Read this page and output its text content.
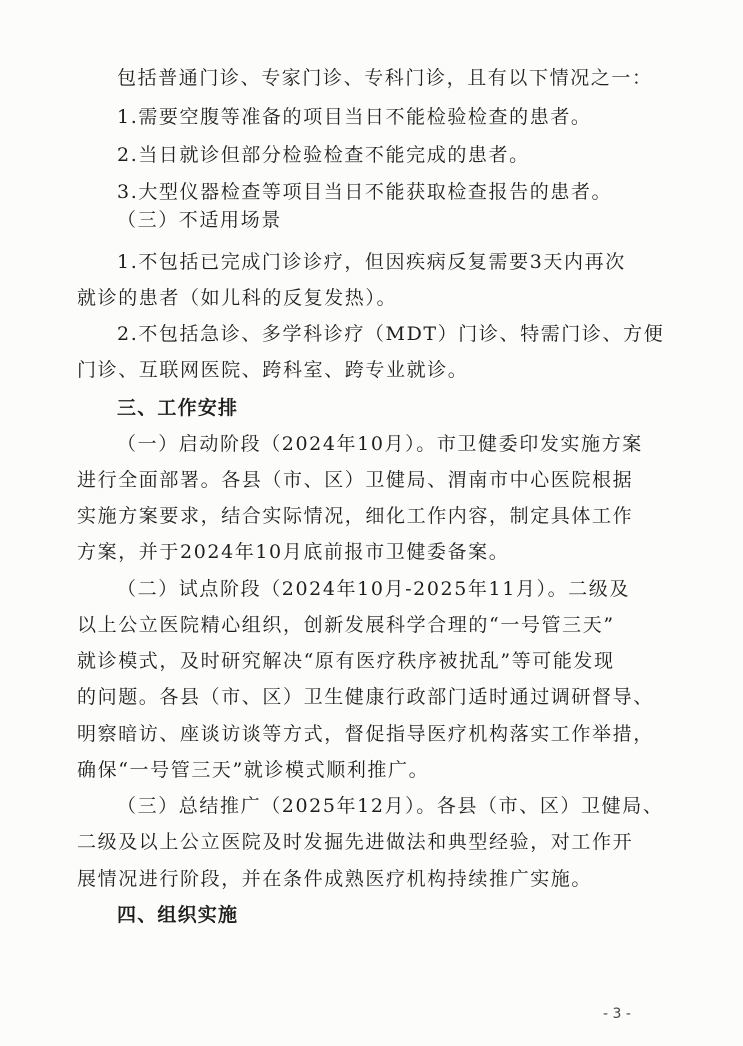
包括普通门诊、专家门诊、专科门诊，且有以下情况之一：
1.需要空腹等准备的项目当日不能检验检查的患者。
2.当日就诊但部分检验检查不能完成的患者。
3.大型仪器检查等项目当日不能获取检查报告的患者。
（三）不适用场景
1.不包括已完成门诊诊疗，但因疾病反复需要3天内再次
就诊的患者（如儿科的反复发热）。
2.不包括急诊、多学科诊疗（MDT）门诊、特需门诊、方便
门诊、互联网医院、跨科室、跨专业就诊。
三、工作安排
（一）启动阶段（2024年10月）。市卫健委印发实施方案
进行全面部署。各县（市、区）卫健局、渭南市中心医院根据
实施方案要求，结合实际情况，细化工作内容，制定具体工作
方案，并于2024年10月底前报市卫健委备案。
（二）试点阶段（2024年10月-2025年11月）。二级及
以上公立医院精心组织，创新发展科学合理的“一号管三天”
就诊模式，及时研究解决“原有医疗秩序被扰乱”等可能发现
的问题。各县（市、区）卫生健康行政部门适时通过调研督导、
明察暗访、座谈访谈等方式，督促指导医疗机构落实工作举措，
确保“一号管三天”就诊模式顺利推广。
（三）总结推广（2025年12月）。各县（市、区）卫健局、
二级及以上公立医院及时发掘先进做法和典型经验，对工作开
展情况进行阶段，并在条件成熟医疗机构持续推广实施。
四、组织实施
- 3 -
